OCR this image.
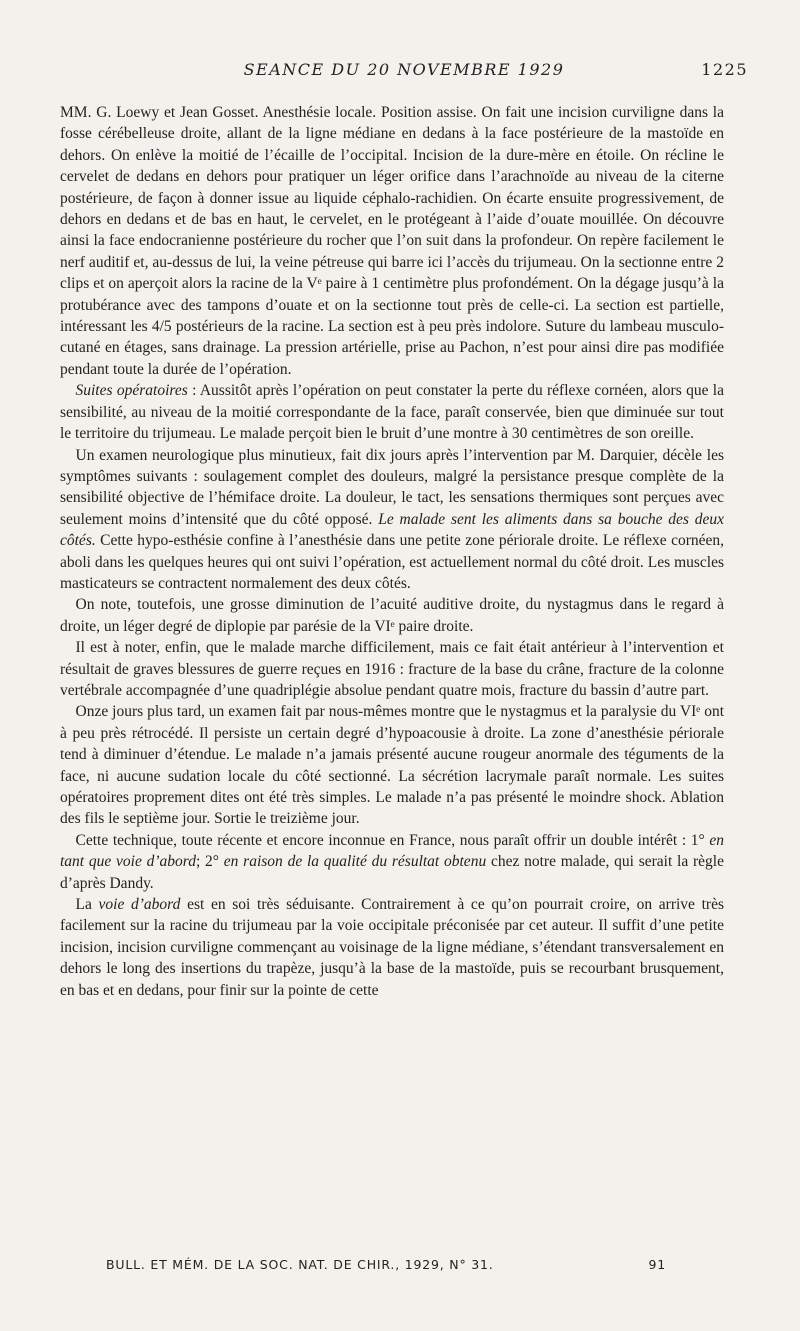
SEANCE DU 20 NOVEMBRE 1929	1225

MM. G. Loewy et Jean Gosset. Anesthésie locale. Position assise. On fait une incision curviligne dans la fosse cérébelleuse droite, allant de la ligne médiane en dedans à la face postérieure de la mastoïde en dehors. On enlève la moitié de l’écaille de l’occipital. Incision de la dure-mère en étoile. On récline le cervelet de dedans en dehors pour pratiquer un léger orifice dans l’arachnoïde au niveau de la citerne postérieure, de façon à donner issue au liquide céphalo-rachidien. On écarte ensuite progressivement, de dehors en dedans et de bas en haut, le cervelet, en le protégeant à l’aide d’ouate mouillée. On découvre ainsi la face endocranienne postérieure du rocher que l’on suit dans la profondeur. On repère facilement le nerf auditif et, au-dessus de lui, la veine pétreuse qui barre ici l’accès du trijumeau. On la sectionne entre 2 clips et on aperçoit alors la racine de la Vᵉ paire à 1 centimètre plus profondément. On la dégage jusqu’à la protubérance avec des tampons d’ouate et on la sectionne tout près de celle-ci. La section est partielle, intéressant les 4/5 postérieurs de la racine. La section est à peu près indolore. Suture du lambeau musculo-cutané en étages, sans drainage. La pression artérielle, prise au Pachon, n’est pour ainsi dire pas modifiée pendant toute la durée de l’opération.

 Suites opératoires : Aussitôt après l’opération on peut constater la perte du réflexe cornéen, alors que la sensibilité, au niveau de la moitié correspondante de la face, paraît conservée, bien que diminuée sur tout le territoire du trijumeau. Le malade perçoit bien le bruit d’une montre à 30 centimètres de son oreille.

 Un examen neurologique plus minutieux, fait dix jours après l’intervention par M. Darquier, décèle les symptômes suivants : soulagement complet des douleurs, malgré la persistance presque complète de la sensibilité objective de l’hémiface droite. La douleur, le tact, les sensations thermiques sont perçues avec seulement moins d’intensité que du côté opposé. Le malade sent les aliments dans sa bouche des deux côtés. Cette hypo-esthésie confine à l’anesthésie dans une petite zone périorale droite. Le réflexe cornéen, aboli dans les quelques heures qui ont suivi l’opération, est actuellement normal du côté droit. Les muscles masticateurs se contractent normalement des deux côtés.

 On note, toutefois, une grosse diminution de l’acuité auditive droite, du nystagmus dans le regard à droite, un léger degré de diplopie par parésie de la VIᵉ paire droite.

 Il est à noter, enfin, que le malade marche difficilement, mais ce fait était antérieur à l’intervention et résultait de graves blessures de guerre reçues en 1916 : fracture de la base du crâne, fracture de la colonne vertébrale accompagnée d’une quadriplégie absolue pendant quatre mois, fracture du bassin d’autre part.

 Onze jours plus tard, un examen fait par nous-mêmes montre que le nystagmus et la paralysie du VIᵉ ont à peu près rétrocédé. Il persiste un certain degré d’hypoacousie à droite. La zone d’anesthésie périorale tend à diminuer d’étendue. Le malade n’a jamais présenté aucune rougeur anormale des téguments de la face, ni aucune sudation locale du côté sectionné. La sécrétion lacrymale paraît normale. Les suites opératoires proprement dites ont été très simples. Le malade n’a pas présenté le moindre shock. Ablation des fils le septième jour. Sortie le treizième jour.

 Cette technique, toute récente et encore inconnue en France, nous paraît offrir un double intérêt : 1° en tant que voie d’abord; 2° en raison de la qualité du résultat obtenu chez notre malade, qui serait la règle d’après Dandy.

 La voie d’abord est en soi très séduisante. Contrairement à ce qu’on pourrait croire, on arrive très facilement sur la racine du trijumeau par la voie occipitale préconisée par cet auteur. Il suffit d’une petite incision, incision curviligne commençant au voisinage de la ligne médiane, s’étendant transversalement en dehors le long des insertions du trapèze, jusqu’à la base de la mastoïde, puis se recourbant brusquement, en bas et en dedans, pour finir sur la pointe de cette

BULL. ET MÉM. DE LA SOC. NAT. DE CHIR., 1929, N° 31.	91
